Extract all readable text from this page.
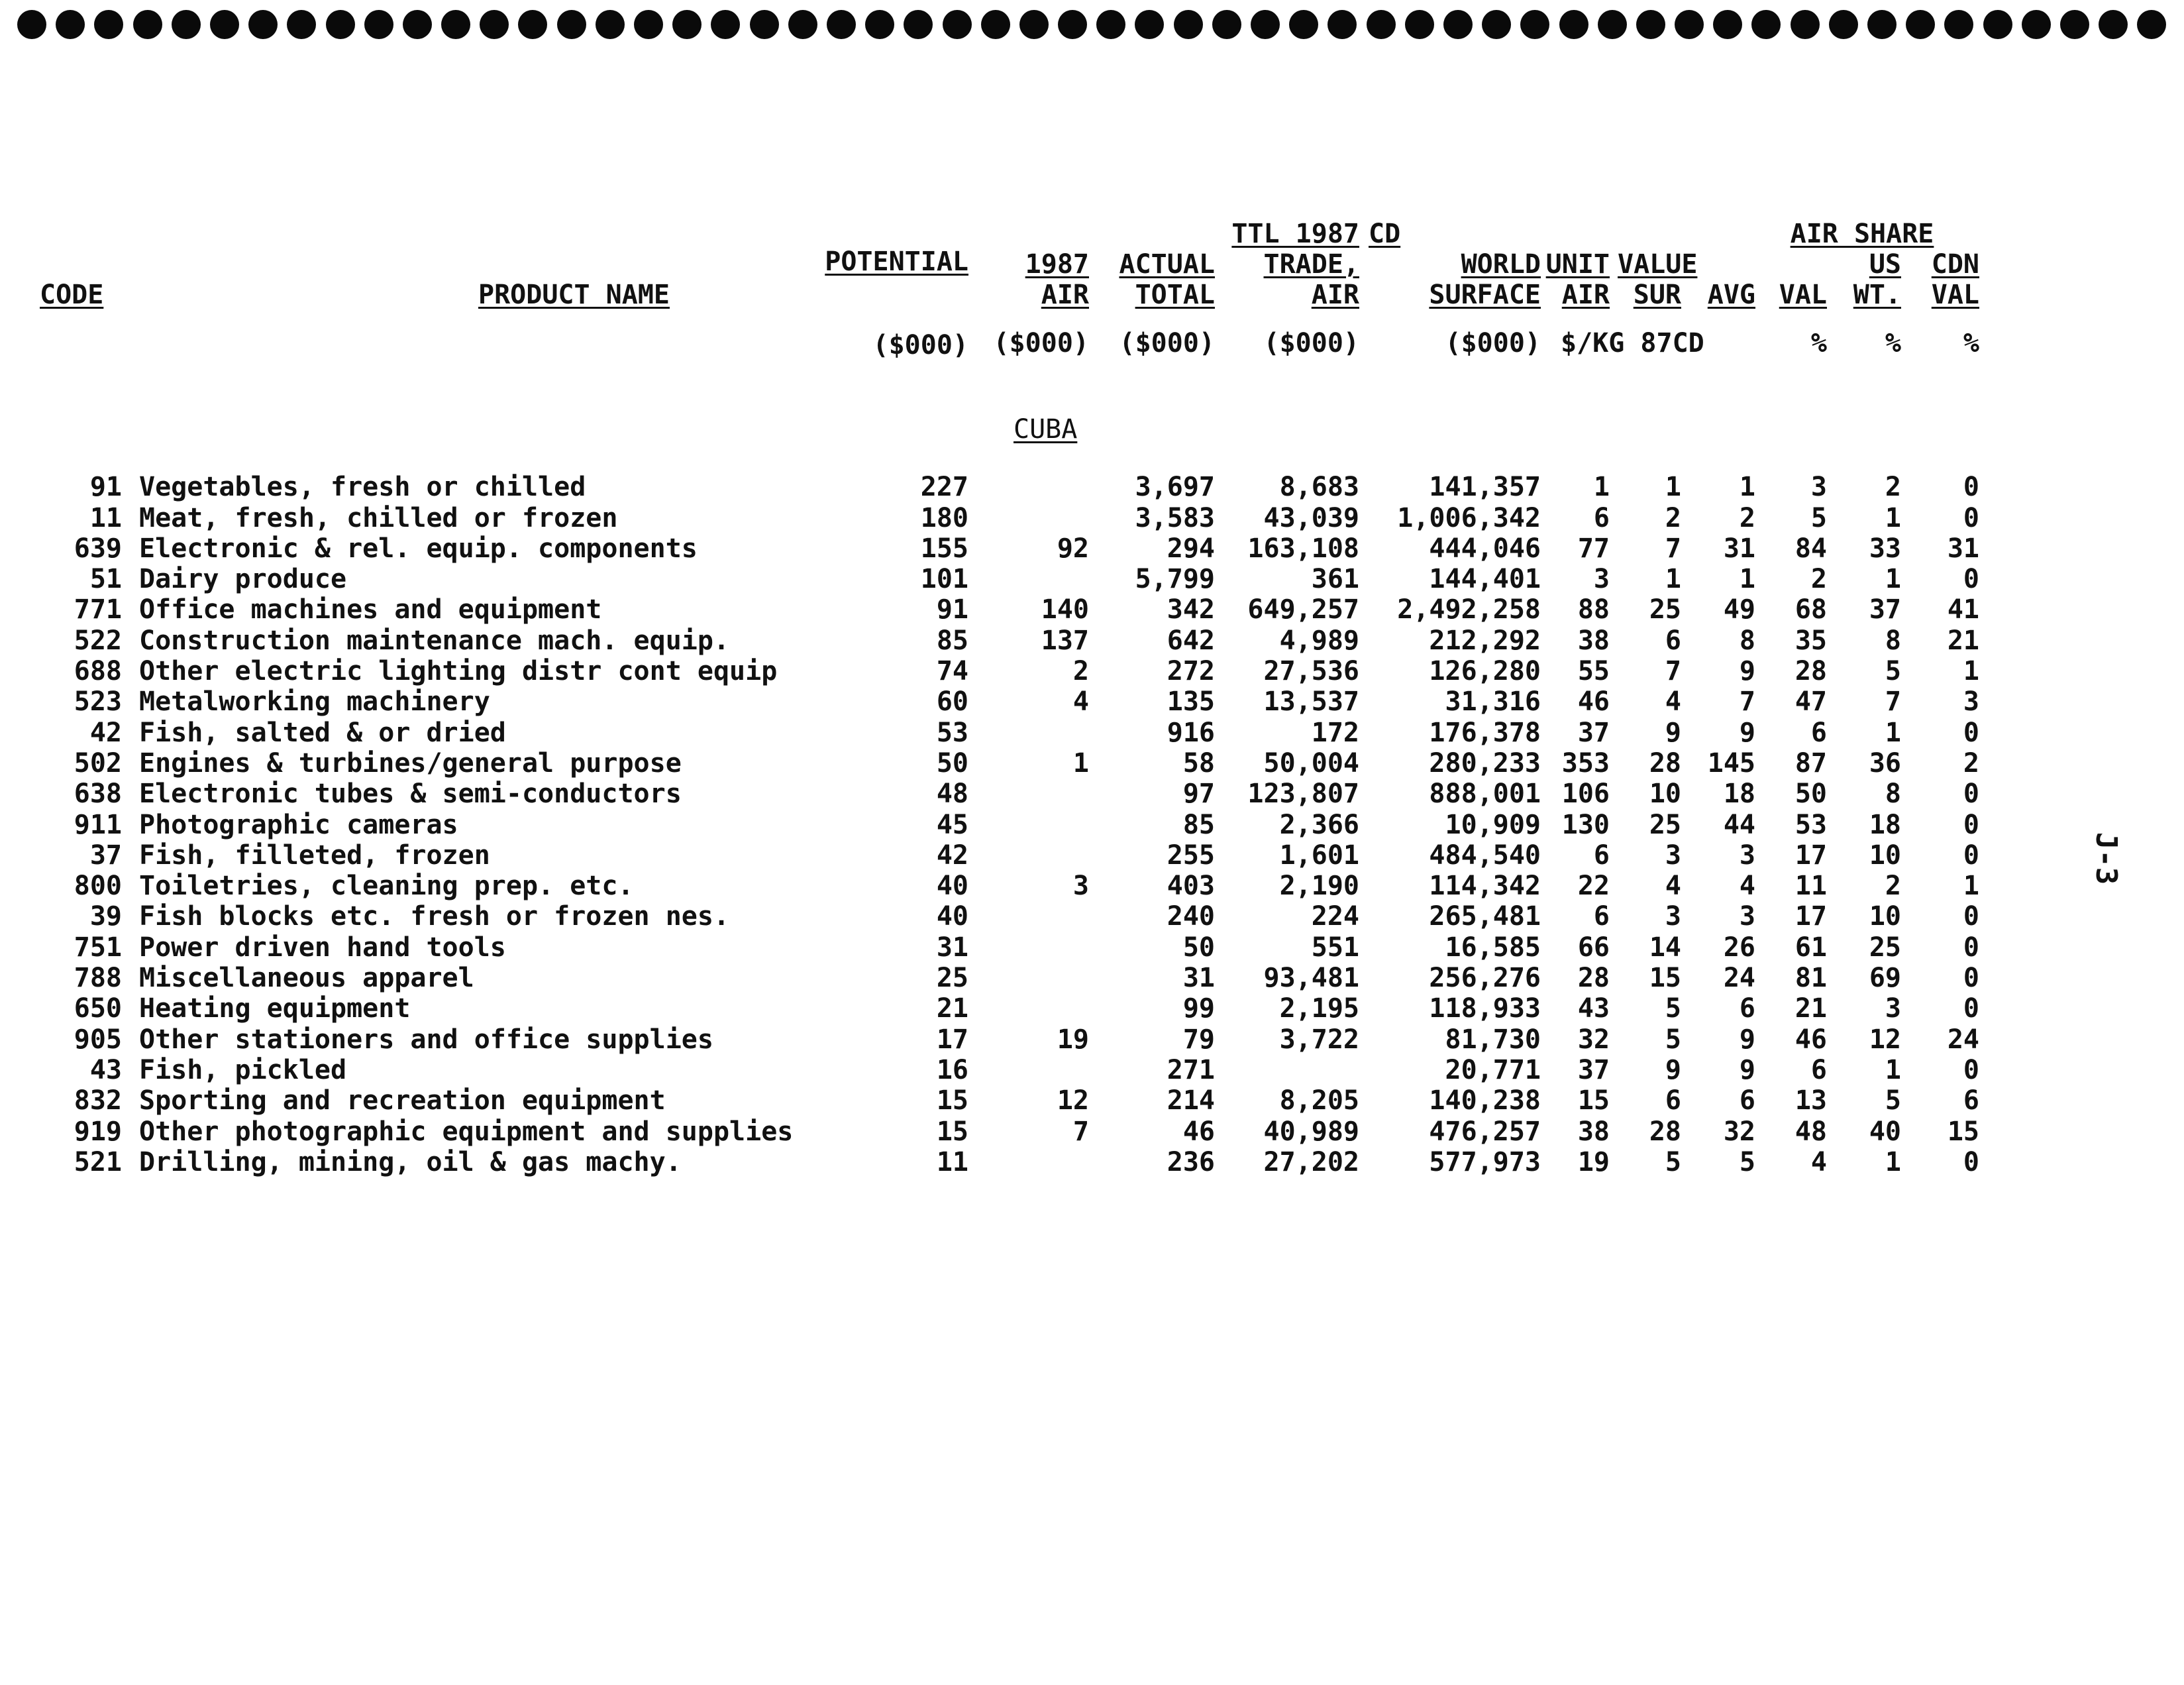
					TTL 1987	CD				AIR SHARE		

		POTENTIAL	1987	ACTUAL	TRADE,	WORLD	UNIT	VALUE			US	CDN
CODE	PRODUCT NAME		AIR	TOTAL	AIR	SURFACE	AIR	SUR	AVG	VAL	WT.	VAL

		($000)	($000)	($000)	($000)	($000)	$/KG 87CD			%	%	%

			CUBA									

91	Vegetables, fresh or chilled	227		3,697	8,683	141,357	1	1	1	3	2	0
11	Meat, fresh, chilled or frozen	180		3,583	43,039	1,006,342	6	2	2	5	1	0
639	Electronic & rel. equip. components	155	92	294	163,108	444,046	77	7	31	84	33	31
51	Dairy produce	101		5,799	361	144,401	3	1	1	2	1	0
771	Office machines and equipment	91	140	342	649,257	2,492,258	88	25	49	68	37	41
522	Construction maintenance mach. equip.	85	137	642	4,989	212,292	38	6	8	35	8	21
688	Other electric lighting distr cont equip	74	2	272	27,536	126,280	55	7	9	28	5	1
523	Metalworking machinery	60	4	135	13,537	31,316	46	4	7	47	7	3
42	Fish, salted & or dried	53		916	172	176,378	37	9	9	6	1	0
502	Engines & turbines/general purpose	50	1	58	50,004	280,233	353	28	145	87	36	2
638	Electronic tubes & semi-conductors	48		97	123,807	888,001	106	10	18	50	8	0
911	Photographic cameras	45		85	2,366	10,909	130	25	44	53	18	0
37	Fish, filleted, frozen	42		255	1,601	484,540	6	3	3	17	10	0
800	Toiletries, cleaning prep. etc.	40	3	403	2,190	114,342	22	4	4	11	2	1
39	Fish blocks etc. fresh or frozen nes.	40		240	224	265,481	6	3	3	17	10	0
751	Power driven hand tools	31		50	551	16,585	66	14	26	61	25	0
788	Miscellaneous apparel	25		31	93,481	256,276	28	15	24	81	69	0
650	Heating equipment	21		99	2,195	118,933	43	5	6	21	3	0
905	Other stationers and office supplies	17	19	79	3,722	81,730	32	5	9	46	12	24
43	Fish, pickled	16		271		20,771	37	9	9	6	1	0
832	Sporting and recreation equipment	15	12	214	8,205	140,238	15	6	6	13	5	6
919	Other photographic equipment and supplies	15	7	46	40,989	476,257	38	28	32	48	40	15
521	Drilling, mining, oil & gas machy.	11		236	27,202	577,973	19	5	5	4	1	0
J-3
